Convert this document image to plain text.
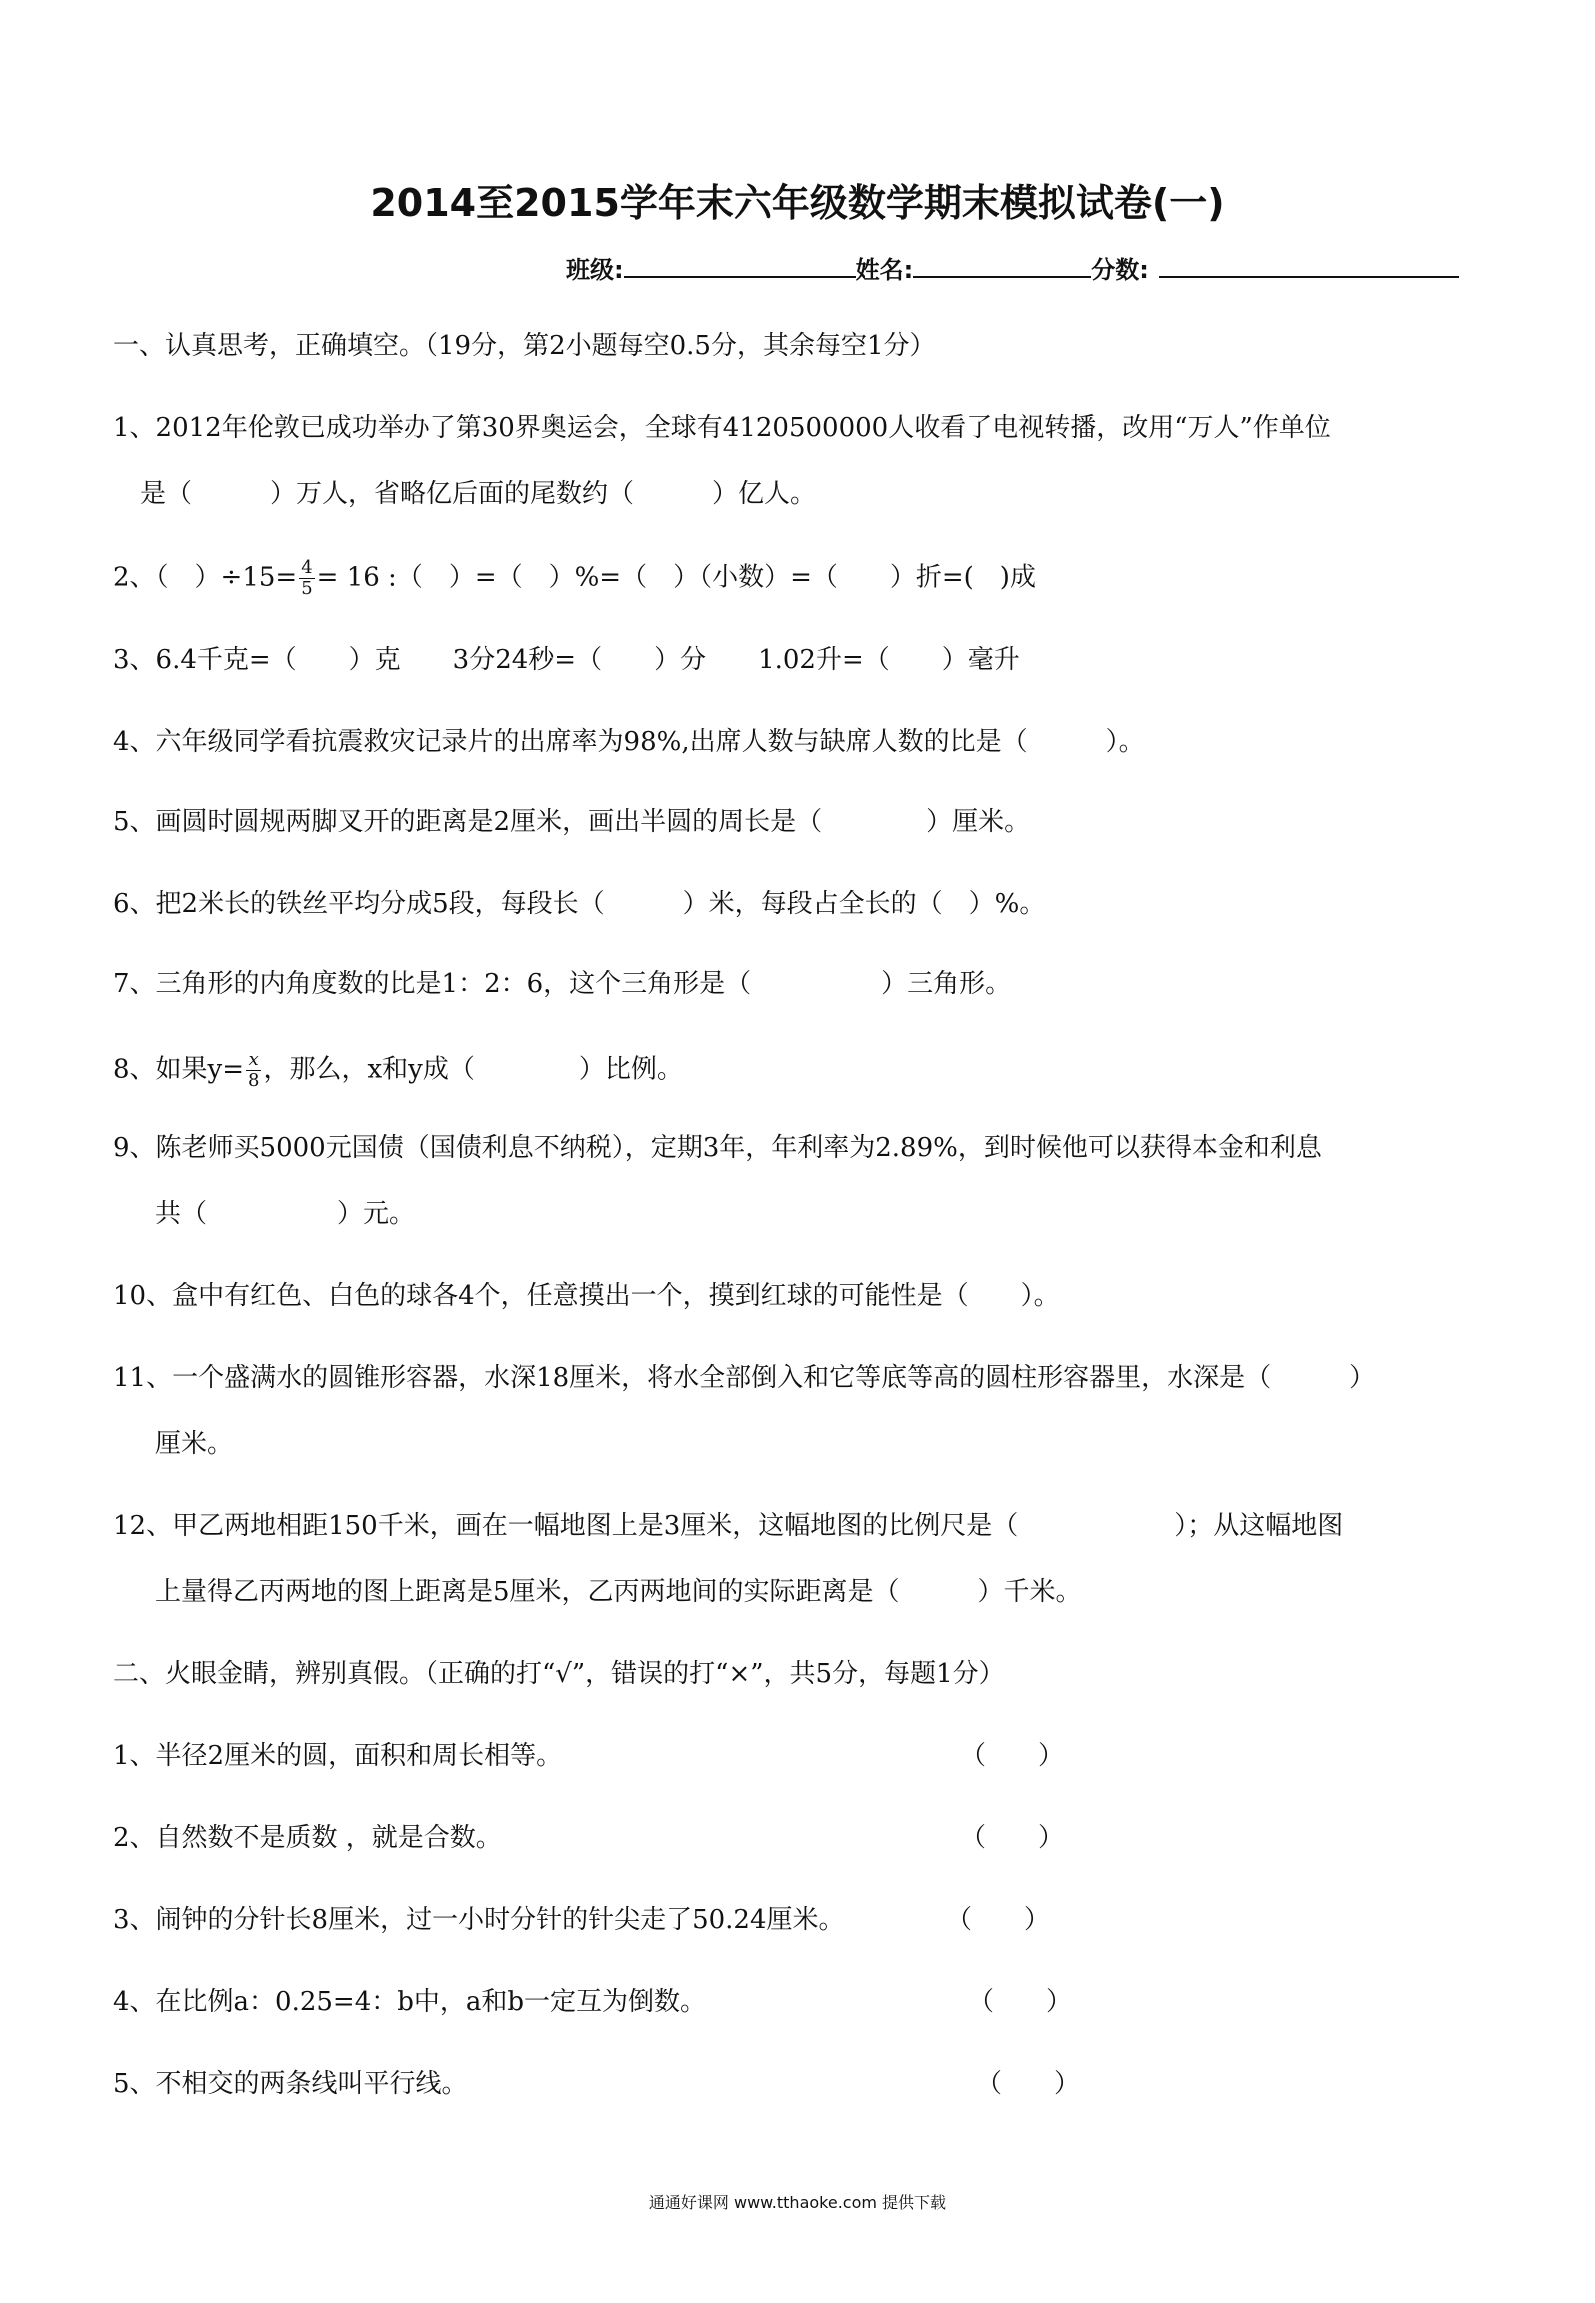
2014至2015学年末六年级数学期末模拟试卷(一)
班级:	姓名:	分数:
一、认真思考，正确填空。（19分，第2小题每空0.5分，其余每空1分）
1、2012年伦敦已成功举办了第30界奥运会，全球有4120500000人收看了电视转播，改用“万人”作单位
是（　　　）万人，省略亿后面的尾数约（　　　）亿人。
2、（　）$\div 15= \frac{4}{5} = 16$ :（　）=（　）%=（　）（小数）=（　　）折=(　)成
3、6.4千克=（　　）克　　3分24秒=（　　）分　　1.02升=（　　）毫升
4、六年级同学看抗震救灾记录片的出席率为98%,出席人数与缺席人数的比是（　　　）。
5、画圆时圆规两脚叉开的距离是2厘米，画出半圆的周长是（　　　　）厘米。
6、把2米长的铁丝平均分成5段，每段长（　　　）米，每段占全长的（　）%。
7、三角形的内角度数的比是1：2：6，这个三角形是（　　　　　）三角形。
8、如果$y= \frac{x}{8}$ ，那么，x和y成（　　　　）比例。
9、陈老师买5000元国债（国债利息不纳税），定期3年，年利率为2.89%，到时候他可以获得本金和利息
共（　　　　　）元。
10、盒中有红色、白色的球各4个，任意摸出一个，摸到红球的可能性是（　　）。
11、一个盛满水的圆锥形容器，水深18厘米，将水全部倒入和它等底等高的圆柱形容器里，水深是（　　　）
厘米。
12、甲乙两地相距150千米，画在一幅地图上是3厘米，这幅地图的比例尺是（　　　　　　）；从这幅地图
上量得乙丙两地的图上距离是5厘米，乙丙两地间的实际距离是（　　　）千米。
二、火眼金睛，辨别真假。（正确的打“√”，错误的打“×”，共5分，每题1分）
1、半径2厘米的圆，面积和周长相等。	（　　）
2、自然数不是质数 ，就是合数。	（　　）
3、闹钟的分针长8厘米，过一小时分针的针尖走了50.24厘米。	（　　）
4、在比例a：0.25=4：b中，a和b一定互为倒数。	（　　）
5、不相交的两条线叫平行线。	（　　）
通通好课网 www.tthaoke.com 提供下载
